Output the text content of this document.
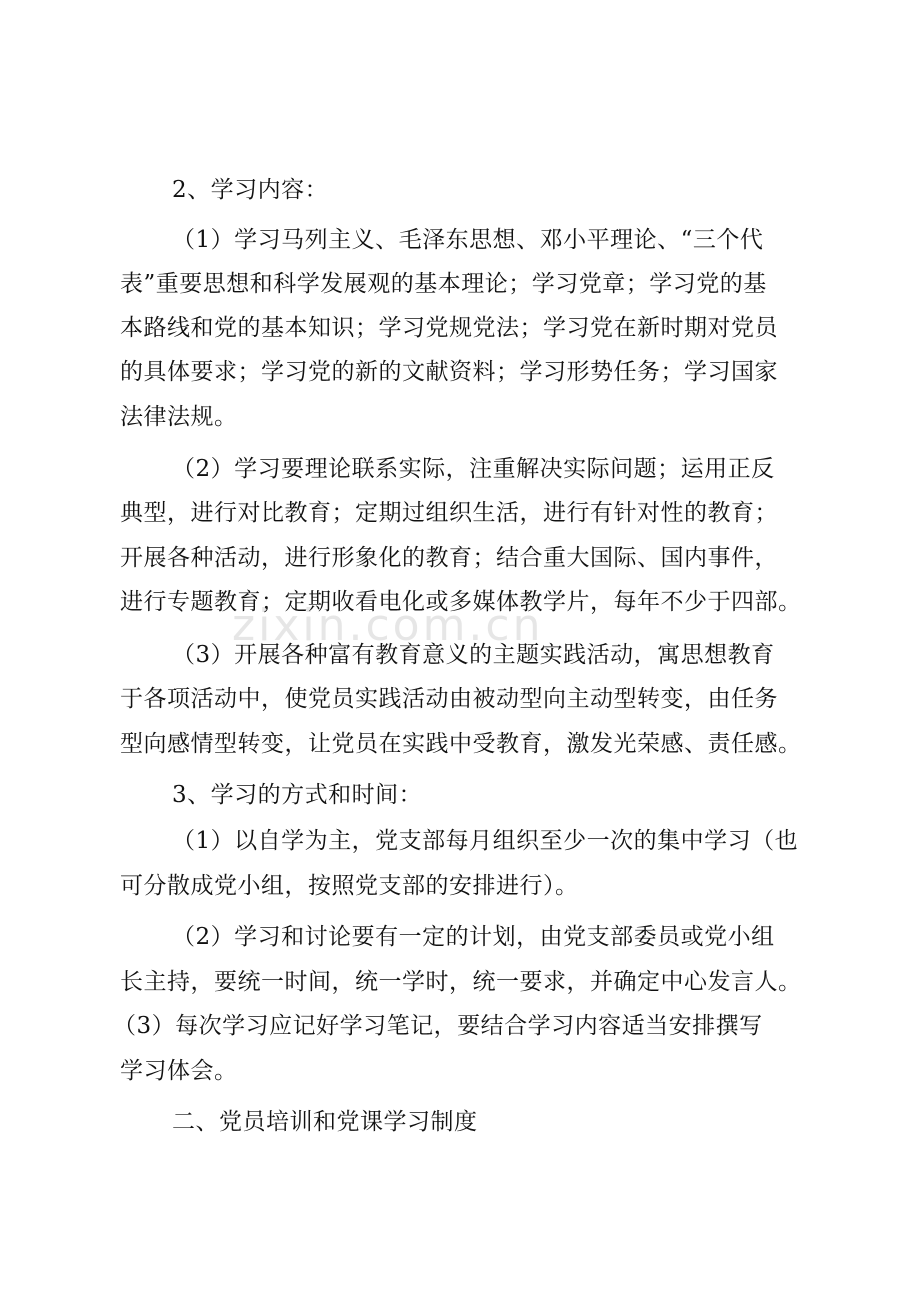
zixin.com.cn
2、学习内容：
（1）学习马列主义、毛泽东思想、邓小平理论、“三个代
表”重要思想和科学发展观的基本理论；学习党章；学习党的基
本路线和党的基本知识；学习党规党法；学习党在新时期对党员
的具体要求；学习党的新的文献资料；学习形势任务；学习国家
法律法规。
（2）学习要理论联系实际，注重解决实际问题；运用正反
典型，进行对比教育；定期过组织生活，进行有针对性的教育；
开展各种活动，进行形象化的教育；结合重大国际、国内事件，
进行专题教育；定期收看电化或多媒体教学片，每年不少于四部。
（3）开展各种富有教育意义的主题实践活动，寓思想教育
于各项活动中，使党员实践活动由被动型向主动型转变，由任务
型向感情型转变，让党员在实践中受教育，激发光荣感、责任感。
3、学习的方式和时间：
（1）以自学为主，党支部每月组织至少一次的集中学习（也
可分散成党小组，按照党支部的安排进行）。
（2）学习和讨论要有一定的计划，由党支部委员或党小组
长主持，要统一时间，统一学时，统一要求，并确定中心发言人。
（3）每次学习应记好学习笔记，要结合学习内容适当安排撰写
学习体会。
二、党员培训和党课学习制度
